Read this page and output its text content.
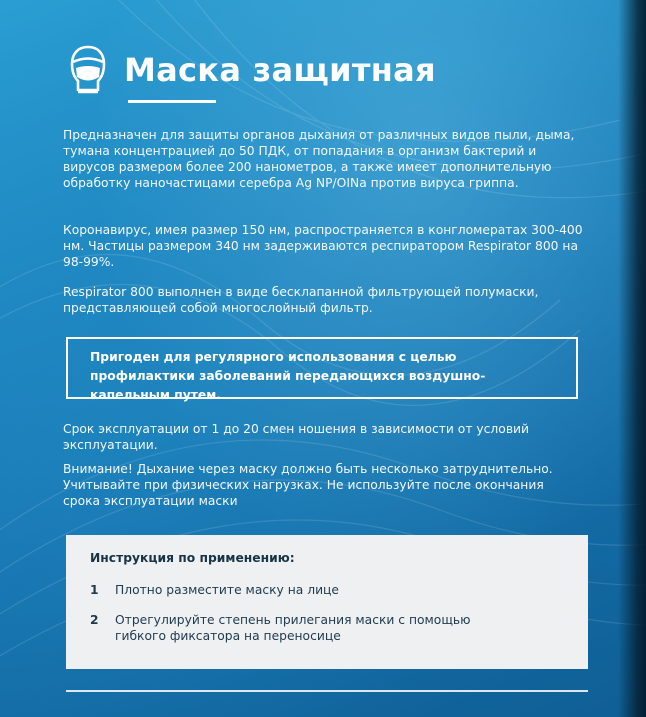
Маска защитная
Предназначен для защиты органов дыхания от различных видов пыли, дыма, тумана концентрацией до 50 ПДК, от попадания в организм бактерий и вирусов размером более 200 нанометров, а также имеет дополнительную обработку наночастицами серебра Ag NP/OINa против вируса гриппа.
Коронавирус, имея размер 150 нм, распространяется в конгломератах 300-400 нм. Частицы размером 340 нм задерживаются респиратором Respirator 800 на 98-99%.
Respirator 800 выполнен в виде бесклапанной фильтрующей полумаски, представляющей собой многослойный фильтр.
Пригоден для регулярного использования с целью профилактики заболеваний передающихся воздушно-капельным путем.
Срок эксплуатации от 1 до 20 смен ношения в зависимости от условий эксплуатации.
Внимание! Дыхание через маску должно быть несколько затруднительно. Учитывайте при физических нагрузках. Не используйте после окончания срока эксплуатации маски
Инструкция по применению:
1	Плотно разместите маску на лице
2	Отрегулируйте степень прилегания маски с помощью гибкого фиксатора на переносице
